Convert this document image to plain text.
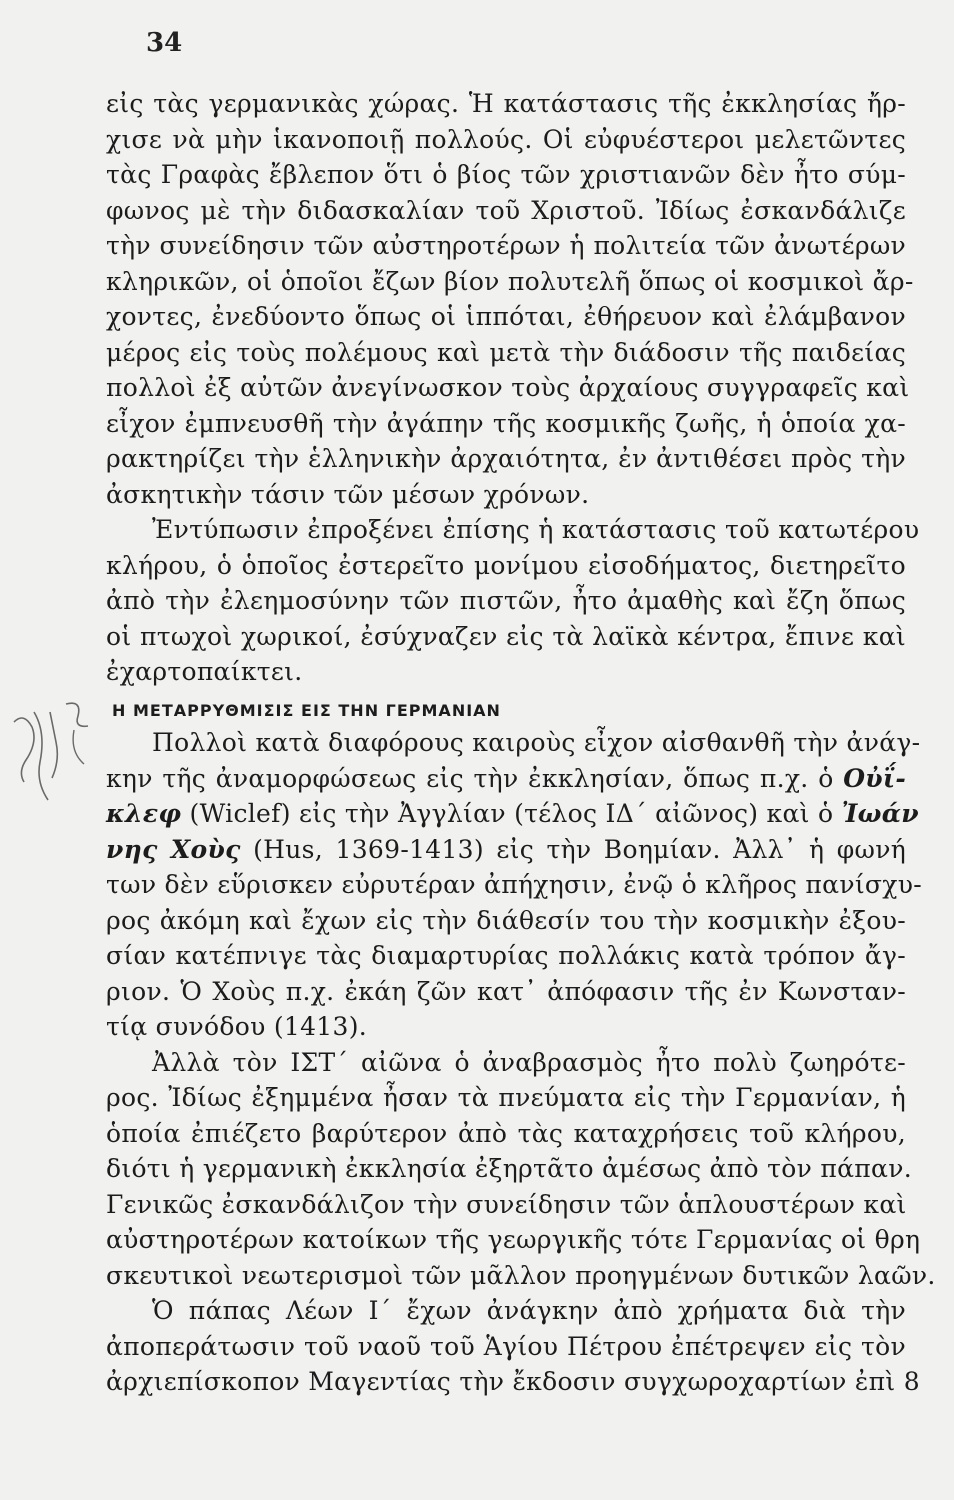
34
εἰς τὰς γερμανικὰς χώρας. Ἡ κατάστασις τῆς ἐκκλησίας ἤρ-
χισε νὰ μὴν ἱκανοποιῇ πολλούς. Οἱ εὐφυέστεροι μελετῶντες
τὰς Γραφὰς ἔβλεπον ὅτι ὁ βίος τῶν χριστιανῶν δὲν ἦτο σύμ-
φωνος μὲ τὴν διδασκαλίαν τοῦ Χριστοῦ. Ἰδίως ἐσκανδάλιζε
τὴν συνείδησιν τῶν αὐστηροτέρων ἡ πολιτεία τῶν ἀνωτέρων
κληρικῶν, οἱ ὁποῖοι ἔζων βίον πολυτελῆ ὅπως οἱ κοσμικοὶ ἄρ-
χοντες, ἐνεδύοντο ὅπως οἱ ἱππόται, ἐθήρευον καὶ ἐλάμβανον
μέρος εἰς τοὺς πολέμους καὶ μετὰ τὴν διάδοσιν τῆς παιδείας
πολλοὶ ἐξ αὐτῶν ἀνεγίνωσκον τοὺς ἀρχαίους συγγραφεῖς καὶ
εἶχον ἐμπνευσθῆ τὴν ἀγάπην τῆς κοσμικῆς ζωῆς, ἡ ὁποία χα-
ρακτηρίζει τὴν ἑλληνικὴν ἀρχαιότητα, ἐν ἀντιθέσει πρὸς τὴν
ἀσκητικὴν τάσιν τῶν μέσων χρόνων.
Ἐντύπωσιν ἐπροξένει ἐπίσης ἡ κατάστασις τοῦ κατωτέρου
κλήρου, ὁ ὁποῖος ἐστερεῖτο μονίμου εἰσοδήματος, διετηρεῖτο
ἀπὸ τὴν ἐλεημοσύνην τῶν πιστῶν, ἦτο ἀμαθὴς καὶ ἔζη ὅπως
οἱ πτωχοὶ χωρικοί, ἐσύχναζεν εἰς τὰ λαϊκὰ κέντρα, ἔπινε καὶ
ἐχαρτοπαίκτει.
Η ΜΕΤΑΡΡΥΘΜΙΣΙΣ ΕΙΣ ΤΗΝ ΓΕΡΜΑΝΙΑΝ
Πολλοὶ κατὰ διαφόρους καιροὺς εἶχον αἰσθανθῆ τὴν ἀνάγ-
κην τῆς ἀναμορφώσεως εἰς τὴν ἐκκλησίαν, ὅπως π.χ. ὁ Οὐΐ-
κλεφ (Wiclef) εἰς τὴν Ἀγγλίαν (τέλος ΙΔ΄ αἰῶνος) καὶ ὁ Ἰωάν
νης Χοὺς (Hus, 1369-1413) εἰς τὴν Βοημίαν. Ἀλλ᾽ ἡ φωνή
των δὲν εὕρισκεν εὐρυτέραν ἀπήχησιν, ἐνῷ ὁ κλῆρος πανίσχυ-
ρος ἀκόμη καὶ ἔχων εἰς τὴν διάθεσίν του τὴν κοσμικὴν ἐξου-
σίαν κατέπνιγε τὰς διαμαρτυρίας πολλάκις κατὰ τρόπον ἄγ-
ριον. Ὁ Χοὺς π.χ. ἐκάη ζῶν κατ᾽ ἀπόφασιν τῆς ἐν Κωνσταν-
τίᾳ συνόδου (1413).
Ἀλλὰ τὸν ΙΣΤ΄ αἰῶνα ὁ ἀναβρασμὸς ἦτο πολὺ ζωηρότε-
ρος. Ἰδίως ἐξημμένα ἦσαν τὰ πνεύματα εἰς τὴν Γερμανίαν, ἡ
ὁποία ἐπιέζετο βαρύτερον ἀπὸ τὰς καταχρήσεις τοῦ κλήρου,
διότι ἡ γερμανικὴ ἐκκλησία ἐξηρτᾶτο ἀμέσως ἀπὸ τὸν πάπαν.
Γενικῶς ἐσκανδάλιζον τὴν συνείδησιν τῶν ἁπλουστέρων καὶ
αὐστηροτέρων κατοίκων τῆς γεωργικῆς τότε Γερμανίας οἱ θρη
σκευτικοὶ νεωτερισμοὶ τῶν μᾶλλον προηγμένων δυτικῶν λαῶν.
Ὁ πάπας Λέων Ι΄ ἔχων ἀνάγκην ἀπὸ χρήματα διὰ τὴν
ἀποπεράτωσιν τοῦ ναοῦ τοῦ Ἁγίου Πέτρου ἐπέτρεψεν εἰς τὸν
ἀρχιεπίσκοπον Μαγεντίας τὴν ἔκδοσιν συγχωροχαρτίων ἐπὶ 8
